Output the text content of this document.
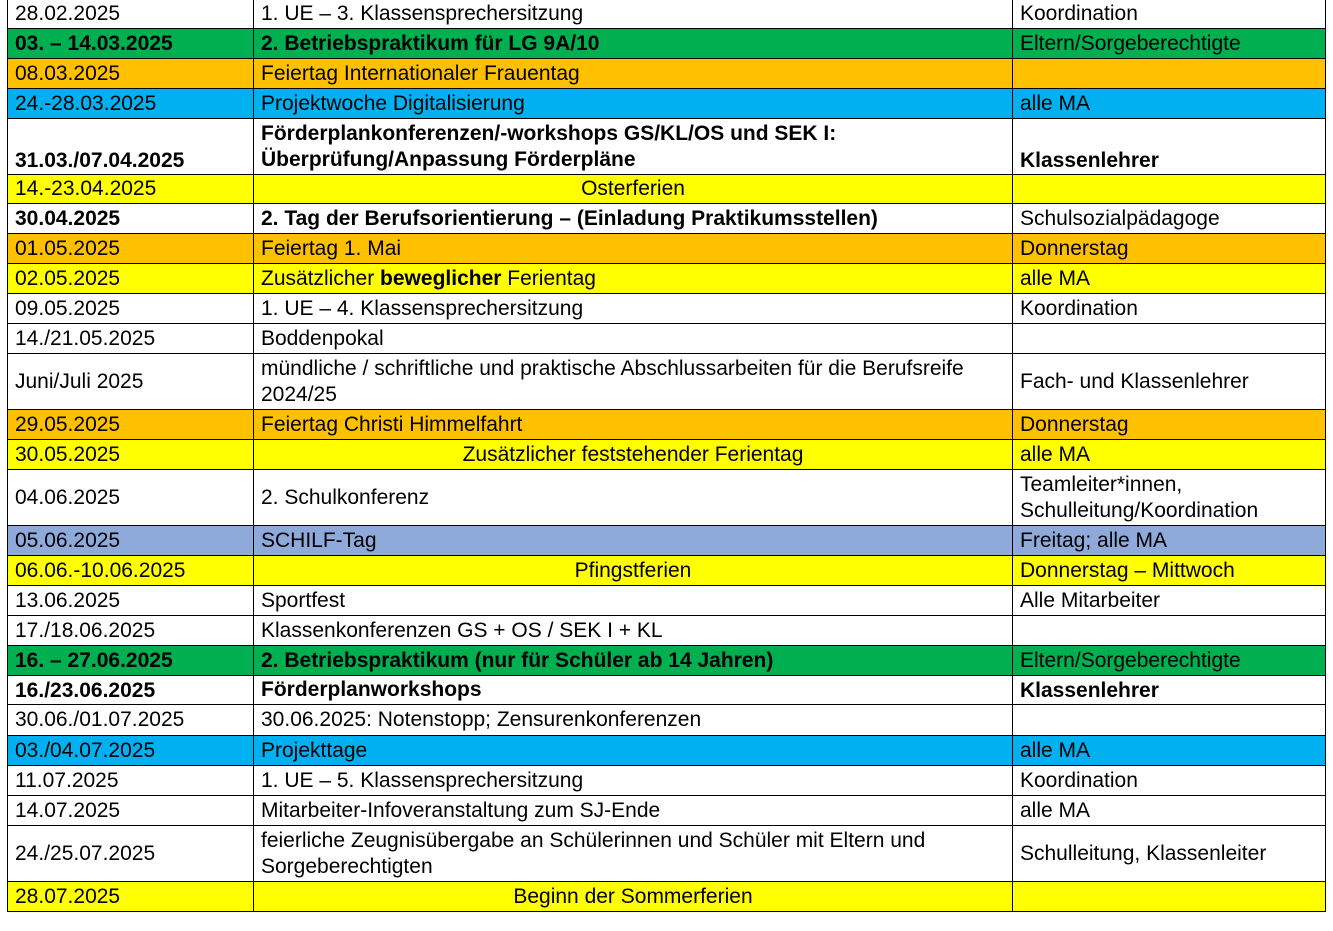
28.02.2025	1. UE – 3. Klassensprechersitzung	Koordination
03. – 14.03.2025	2. Betriebspraktikum für LG 9A/10	Eltern/Sorgeberechtigte
08.03.2025	Feiertag Internationaler Frauentag	
24.-28.03.2025	Projektwoche Digitalisierung	alle MA
31.03./07.04.2025	Förderplankonferenzen/-workshops GS/KL/OS und SEK I: Überprüfung/Anpassung Förderpläne	Klassenlehrer
14.-23.04.2025	Osterferien	
30.04.2025	2. Tag der Berufsorientierung – (Einladung Praktikumsstellen)	Schulsozialpädagoge
01.05.2025	Feiertag 1. Mai	Donnerstag
02.05.2025	Zusätzlicher beweglicher Ferientag	alle MA
09.05.2025	1. UE – 4. Klassensprechersitzung	Koordination
14./21.05.2025	Boddenpokal	
Juni/Juli 2025	mündliche / schriftliche und praktische Abschlussarbeiten für die Berufsreife 2024/25	Fach- und Klassenlehrer
29.05.2025	Feiertag Christi Himmelfahrt	Donnerstag
30.05.2025	Zusätzlicher feststehender Ferientag	alle MA
04.06.2025	2. Schulkonferenz	Teamleiter*innen, Schulleitung/Koordination
05.06.2025	SCHILF-Tag	Freitag; alle MA
06.06.-10.06.2025	Pfingstferien	Donnerstag – Mittwoch
13.06.2025	Sportfest	Alle Mitarbeiter
17./18.06.2025	Klassenkonferenzen GS + OS / SEK I + KL	
16. – 27.06.2025	2. Betriebspraktikum (nur für Schüler ab 14 Jahren)	Eltern/Sorgeberechtigte
16./23.06.2025	Förderplanworkshops	Klassenlehrer
30.06./01.07.2025	30.06.2025: Notenstopp; Zensurenkonferenzen	
03./04.07.2025	Projekttage	alle MA
11.07.2025	1. UE – 5. Klassensprechersitzung	Koordination
14.07.2025	Mitarbeiter-Infoveranstaltung zum SJ-Ende	alle MA
24./25.07.2025	feierliche Zeugnisübergabe an Schülerinnen und Schüler mit Eltern und Sorgeberechtigten	Schulleitung, Klassenleiter
28.07.2025	Beginn der Sommerferien	
